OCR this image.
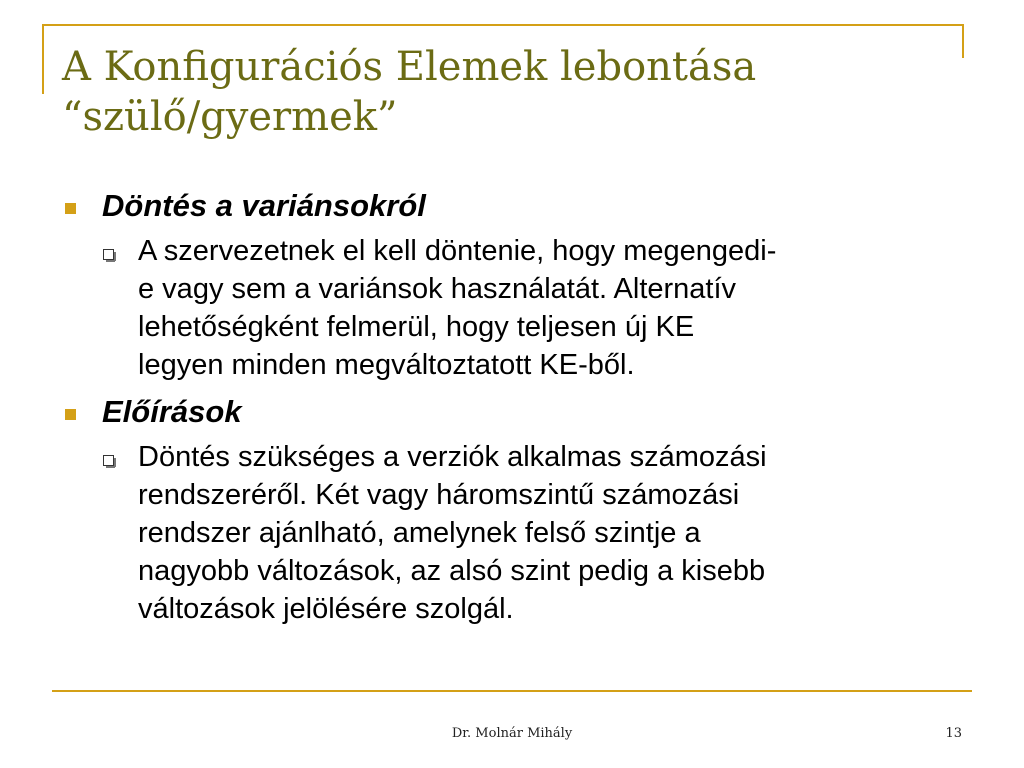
A Konfigurációs Elemek lebontása
“szülő/gyermek”
Döntés a variánsokról
A szervezetnek el kell döntenie, hogy megengedi-
e vagy sem a variánsok használatát. Alternatív
lehetőségként felmerül, hogy teljesen új KE
legyen minden megváltoztatott KE-ből.
Előírások
Döntés szükséges a verziók alkalmas számozási
rendszeréről. Két vagy háromszintű számozási
rendszer ajánlható, amelynek felső szintje a
nagyobb változások, az alsó szint pedig a kisebb
változások jelölésére szolgál.
Dr. Molnár Mihály	13
